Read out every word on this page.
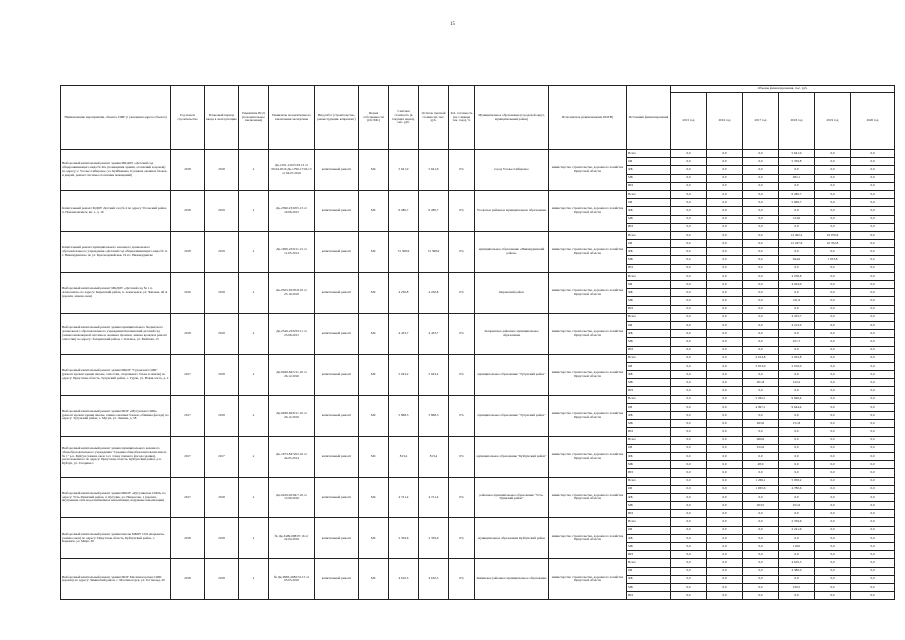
15
Наименование мероприятия, объекта, ПИР (с указанием адреса объекта)	Год начала строительства	Плановый период ввода в эксплуатацию	Реквизиты ПСД (положительное заключение)	Реквизиты положительного заключения экспертизы	Вид работ (строительство, реконструкция, капремонт)	Форма собственности (ОС/МС)	Сметная стоимость (в текущих ценах), тыс. руб.	Остаток сметной стоимости, тыс. руб.	Тех. готовность (на 1 января тек. года), %	Муниципальное образование (городской округ, муниципальный район)	Исполнитель (наименование ИОГВ)	Источники финансирования	Объемы финансирования, тыс. руб.					
													2015 год	2016 год	2017 год	2018 год	2019 год	2020 год
Выборочный капитальный ремонт здания МКДОУ «Детский сад общеразвивающего вида № 40» (помещения здания, отоплений и кровли) по адресу: г. Усолье-Сибирское, ул. Куйбышева, 6 (замена оконных блоков и дверей, ремонт системы отопления помещений)	2018	2018	х	Дк-1291-12015/03.13 от 09.04.2016 Дк-1796-17/04.13 от 04.07.2016	капитальный ремонт	МС	5 641,9	5 641,9	0%	город Усолье-Сибирское	министерство строительства, дорожного хозяйства Иркутской области	Всего	0,0	0,0	0,0	5 641,9	0,0	0,0
												ОБ	0,0	0,0	0,0	5 359,8	0,0	0,0
												ФБ	0,0	0,0	0,0	0,0	0,0	0,0
												МБ	0,0	0,0	0,0	282,1	0,0	0,0
												ИИ	0,0	0,0	0,0	0,0	0,0	0,0
Капитальный ремонт МДОУ Детский сад № 4 по адресу Усольский район, п. Новомальтинск, кв. 1, д. 16	2018	2019	х	Дк-2390-23/9/05.13 от 19.06.2015	капитальный ремонт	МС	6 280,7	6 280,7	0%	Усольское районное муниципальное образование	министерство строительства, дорожного хозяйства Иркутской области	Всего	0,0	0,0	0,0	6 280,7	0,0	0,0
												ОБ	0,0	0,0	0,0	5 966,7	0,0	0,0
												ФБ	0,0	0,0	0,0	0,0	0,0	0,0
												МБ	0,0	0,0	0,0	314,0	0,0	0,0
												ИИ	0,0	0,0	0,0	0,0	0,0	0,0
Капитальный ремонт муниципального казенного дошкольного образовательного учреждения «Детский сад общеразвивающего вида № 11 г. Нижнеудинска» по ул. Красноармейская, 19 в г. Нижнеудинске	2018	2019	х	Дк-1906-23/9/11.13 от 11.05.2014	капитальный ремонт	МС	31 568,9	31 568,9	0%	муниципальное образование «Нижнеудинский район»	министерство строительства, дорожного хозяйства Иркутской области	Всего	0,0	0,0	0,0	12 492,2	19 076,6	0,0
												ОБ	0,0	0,0	0,0	12 247,6	16 702,8	0,0
												ФБ	0,0	0,0	0,0	0,0	0,0	0,0
												МБ	0,0	0,0	0,0	644,6	1 933,8	0,0
												ИИ	0,0	0,0	0,0	0,0	0,0	0,0
Выборочный капитальный ремонт МКДОУ «Детский сад № 1 п. Алексеевск» по адресу: Киренский район, п. Алексеевск, ул. Чапаева, 46 А (кровля, замена окон)	2016	2018	х	Дк-0503-63/05/8.16 от 25.10.2016	капитальный ремонт	МС	4 236,8	4 236,8	0%	Киренский район	министерство строительства, дорожного хозяйства Иркутской области	Всего	0,0	0,0	0,0	4 236,8	0,0	0,0
												ОБ	0,0	0,0	0,0	4 024,9	0,0	0,0
												ФБ	0,0	0,0	0,0	0,0	0,0	0,0
												МБ	0,0	0,0	0,0	211,9	0,0	0,0
												ИИ	0,0	0,0	0,0	0,0	0,0	0,0
Выборочный капитальный ремонт здания муниципального бюджетного дошкольного образовательного учреждения Казачинский детский сад (замена инженерной системы и оконных проемов, замена кровли и ремонт отмостки) по адресу: Заларинский район, с. Казачье, ул. Майская, 15	2018	2019	х	Дк-2540-23/6/03.11 от 25.06.2015	капитальный ремонт	МС	4 433,7	4 433,7	0%	Заларинское районное муниципальное образование	министерство строительства, дорожного хозяйства Иркутской области	Всего	0,0	0,0	0,0	4 433,7	0,0	0,0
												ОБ	0,0	0,0	0,0	4 212,0	0,0	0,0
												ФБ	0,0	0,0	0,0	0,0	0,0	0,0
												МБ	0,0	0,0	0,0	221,7	0,0	0,0
												ИИ	0,0	0,0	0,0	0,0	0,0	0,0
Выборочный капитальный ремонт здания МКОУ "Гуранская СОШ" (ремонт кровли здания школы, отмостки, спортивного блока и замена) по адресу: Иркутская область, Тулунский район, с. Гуран, ул. Новая-часть, д. 2	2017	2018	х	Дк-6499-84/5/11.16 от 26.12.2016	капитальный ремонт	МС	5 043,2	5 043,2	0%	муниципальное образование "Тулунский район"	министерство строительства, дорожного хозяйства Иркутской области	Всего	0,0	0,0	4 014,8	2 032,8	0,0	0,0
												ОБ	0,0	0,0	3 813,0	2 010,0	0,0	0,0
												ФБ	0,0	0,0	0,0	0,0	0,0	0,0
												МБ	0,0	0,0	201,8	122,2	0,0	0,0
												ИИ	0,0	0,0	0,0	0,0	0,0	0,0
Выборочный капитальный ремонт здания МОУ «Мугунская СОШ» (ремонт кровли здания школы, замена оконных блоков, обшивка фасада) по адресу: Тулунский район, с. Мугун, ул. Ленина, д. 58	2017	2018	х	Дк-6498-84/8/11.16 от 26.12.2016	капитальный ремонт	МС	5 868,3	5 868,3	0%	муниципальное образование "Тулунский район"	министерство строительства, дорожного хозяйства Иркутской области	Всего	0,0	0,0	5 262,1	9 646,4	0,0	0,0
												ОБ	0,0	0,0	4 997,1	9 644,4	0,0	0,0
												ФБ	0,0	0,0	0,0	0,0	0,0	0,0
												МБ	0,0	0,0	265,0	151,8	0,0	0,0
												ИИ	0,0	0,0	0,0	0,0	0,0	0,0
Выборочный капитальный ремонт здания муниципального казенного общеобразовательного учреждения "Средняя общеобразовательная школа № 1" р.п. Куйтун (замена окон 1-го этажа главного фасада здания), расположенного по адресу: Иркутская область, Куйтунский район, р.п. Куйтун, ул. Гагарина,1	2017	2017	х	Дк-1673-84/3/02.16 от 24.05.2014	капитальный ремонт	МС	813,4	813,4	0%	муниципальное образование "Куйтунский район"	министерство строительства, дорожного хозяйства Иркутской области	Всего	0,0	0,0	960,6	0,0	0,0	0,0
												ОБ	0,0	0,0	912,6	0,0	0,0	0,0
												ФБ	0,0	0,0	0,0	0,0	0,0	0,0
												МБ	0,0	0,0	48,0	0,0	0,0	0,0
												ИИ	0,0	0,0	0,0	0,0	0,0	0,0
Выборочный капитальный ремонт здания МКОУ «Кутуликская СОШ» по адресу: Усть-Удинский район, п. Кутулик, ул. Некрасова, 1 (кровля, внутренние сети водоснабжения и канализации, наружные канализации)	2017	2018	х	Дк-0229-02/94/7.16 от 13.09.2016	капитальный ремонт	МС	4 721,4	4 721,4	0%	районное муниципальное образование "Усть-Удинский район"	министерство строительства, дорожного хозяйства Иркутской области	Всего	0,0	0,0	1 269,1	5 058,2	0,0	0,0
												ОБ	0,0	0,0	1 065,6	4 780,6	0,0	0,0
												ФБ	0,0	0,0	0,0	0,0	0,0	0,0
												МБ	0,0	0,0	203,5	251,6	0,0	0,0
												ИИ	0,0	0,0	0,0	0,0	0,0	0,0
Выборочный капитальный ремонт здания школы МКОУ СШ «Карымск» (замена окон) по адресу: Иркутская область, Куйтунский район, с. Карымск, ул. Мира, 36	2018	2018	х	№ Дк-3499-008/07.16 от 22.04.2016	капитальный ремонт	МС	2 359,6	2 359,6	0%	муниципальное образование Куйтунский район	министерство строительства, дорожного хозяйства Иркутской области	Всего	0,0	0,0	0,0	2 359,6	0,0	0,0
												ОБ	0,0	0,0	0,0	2 241,6	0,0	0,0
												ФБ	0,0	0,0	0,0	0,0	0,0	0,0
												МБ	0,0	0,0	0,0	118,0	0,0	0,0
												ИИ	0,0	0,0	0,0	0,0	0,0	0,0
Выборочный капитальный ремонт здания МОУ Масляногорская СОШ (кровля) по адресу: Зиминский район, с. Масляногорск, ул. Готтвальд, 20	2018	2018	х	№ Дк-0983-2982/31.15 от 05.05.2016	капитальный ремонт	МС	4 610,5	4 610,5	0%	Зиминское районное муниципальное образование	министерство строительства, дорожного хозяйства Иркутской области	Всего	0,0	0,0	0,0	4 610,5	0,0	0,0
												ОБ	0,0	0,0	0,0	4 380,0	0,0	0,0
												ФБ	0,0	0,0	0,0	0,0	0,0	0,0
												МБ	0,0	0,0	0,0	230,5	0,0	0,0
												ИИ	0,0	0,0	0,0	0,0	0,0	0,0
